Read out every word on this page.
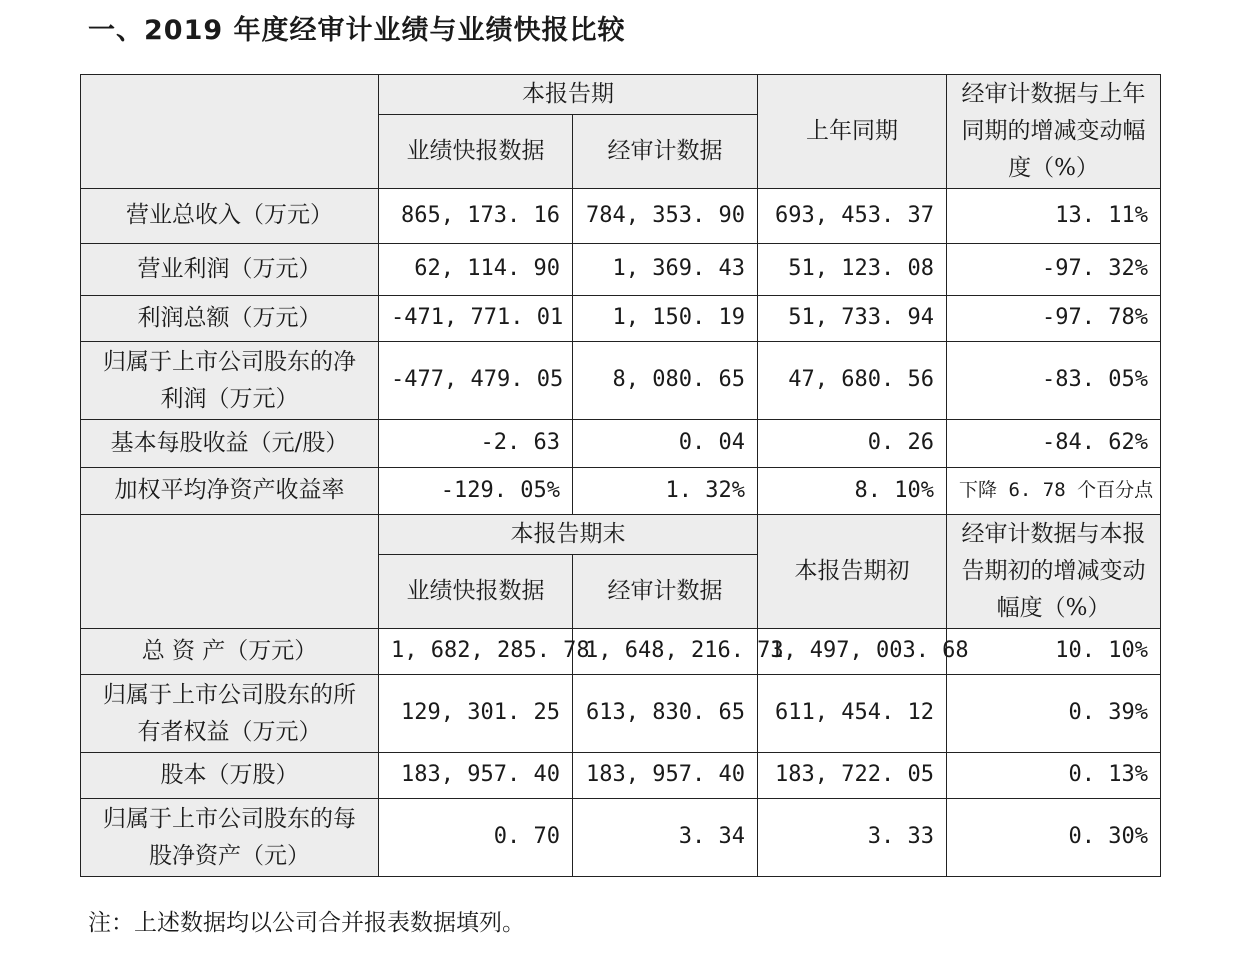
一、2019 年度经审计业绩与业绩快报比较
	本报告期		上年同期	经审计数据与上年同期的增减变动幅度（%）
	业绩快报数据	经审计数据		
营业总收入（万元）	865, 173. 16	784, 353. 90	693, 453. 37	13. 11%
营业利润（万元）	62, 114. 90	1, 369. 43	51, 123. 08	-97. 32%
利润总额（万元）	-471, 771. 01	1, 150. 19	51, 733. 94	-97. 78%
归属于上市公司股东的净利润（万元）	-477, 479. 05	8, 080. 65	47, 680. 56	-83. 05%
基本每股收益（元/股）	-2. 63	0. 04	0. 26	-84. 62%
加权平均净资产收益率	-129. 05%	1. 32%	8. 10%	下降 6. 78 个百分点
	本报告期末		本报告期初	经审计数据与本报告期初的增减变动幅度（%）
	业绩快报数据	经审计数据		
总 资 产（万元）	1, 682, 285. 78	1, 648, 216. 73	1, 497, 003. 68	10. 10%
归属于上市公司股东的所有者权益（万元）	129, 301. 25	613, 830. 65	611, 454. 12	0. 39%
股本（万股）	183, 957. 40	183, 957. 40	183, 722. 05	0. 13%
归属于上市公司股东的每股净资产（元）	0. 70	3. 34	3. 33	0. 30%
注：上述数据均以公司合并报表数据填列。
